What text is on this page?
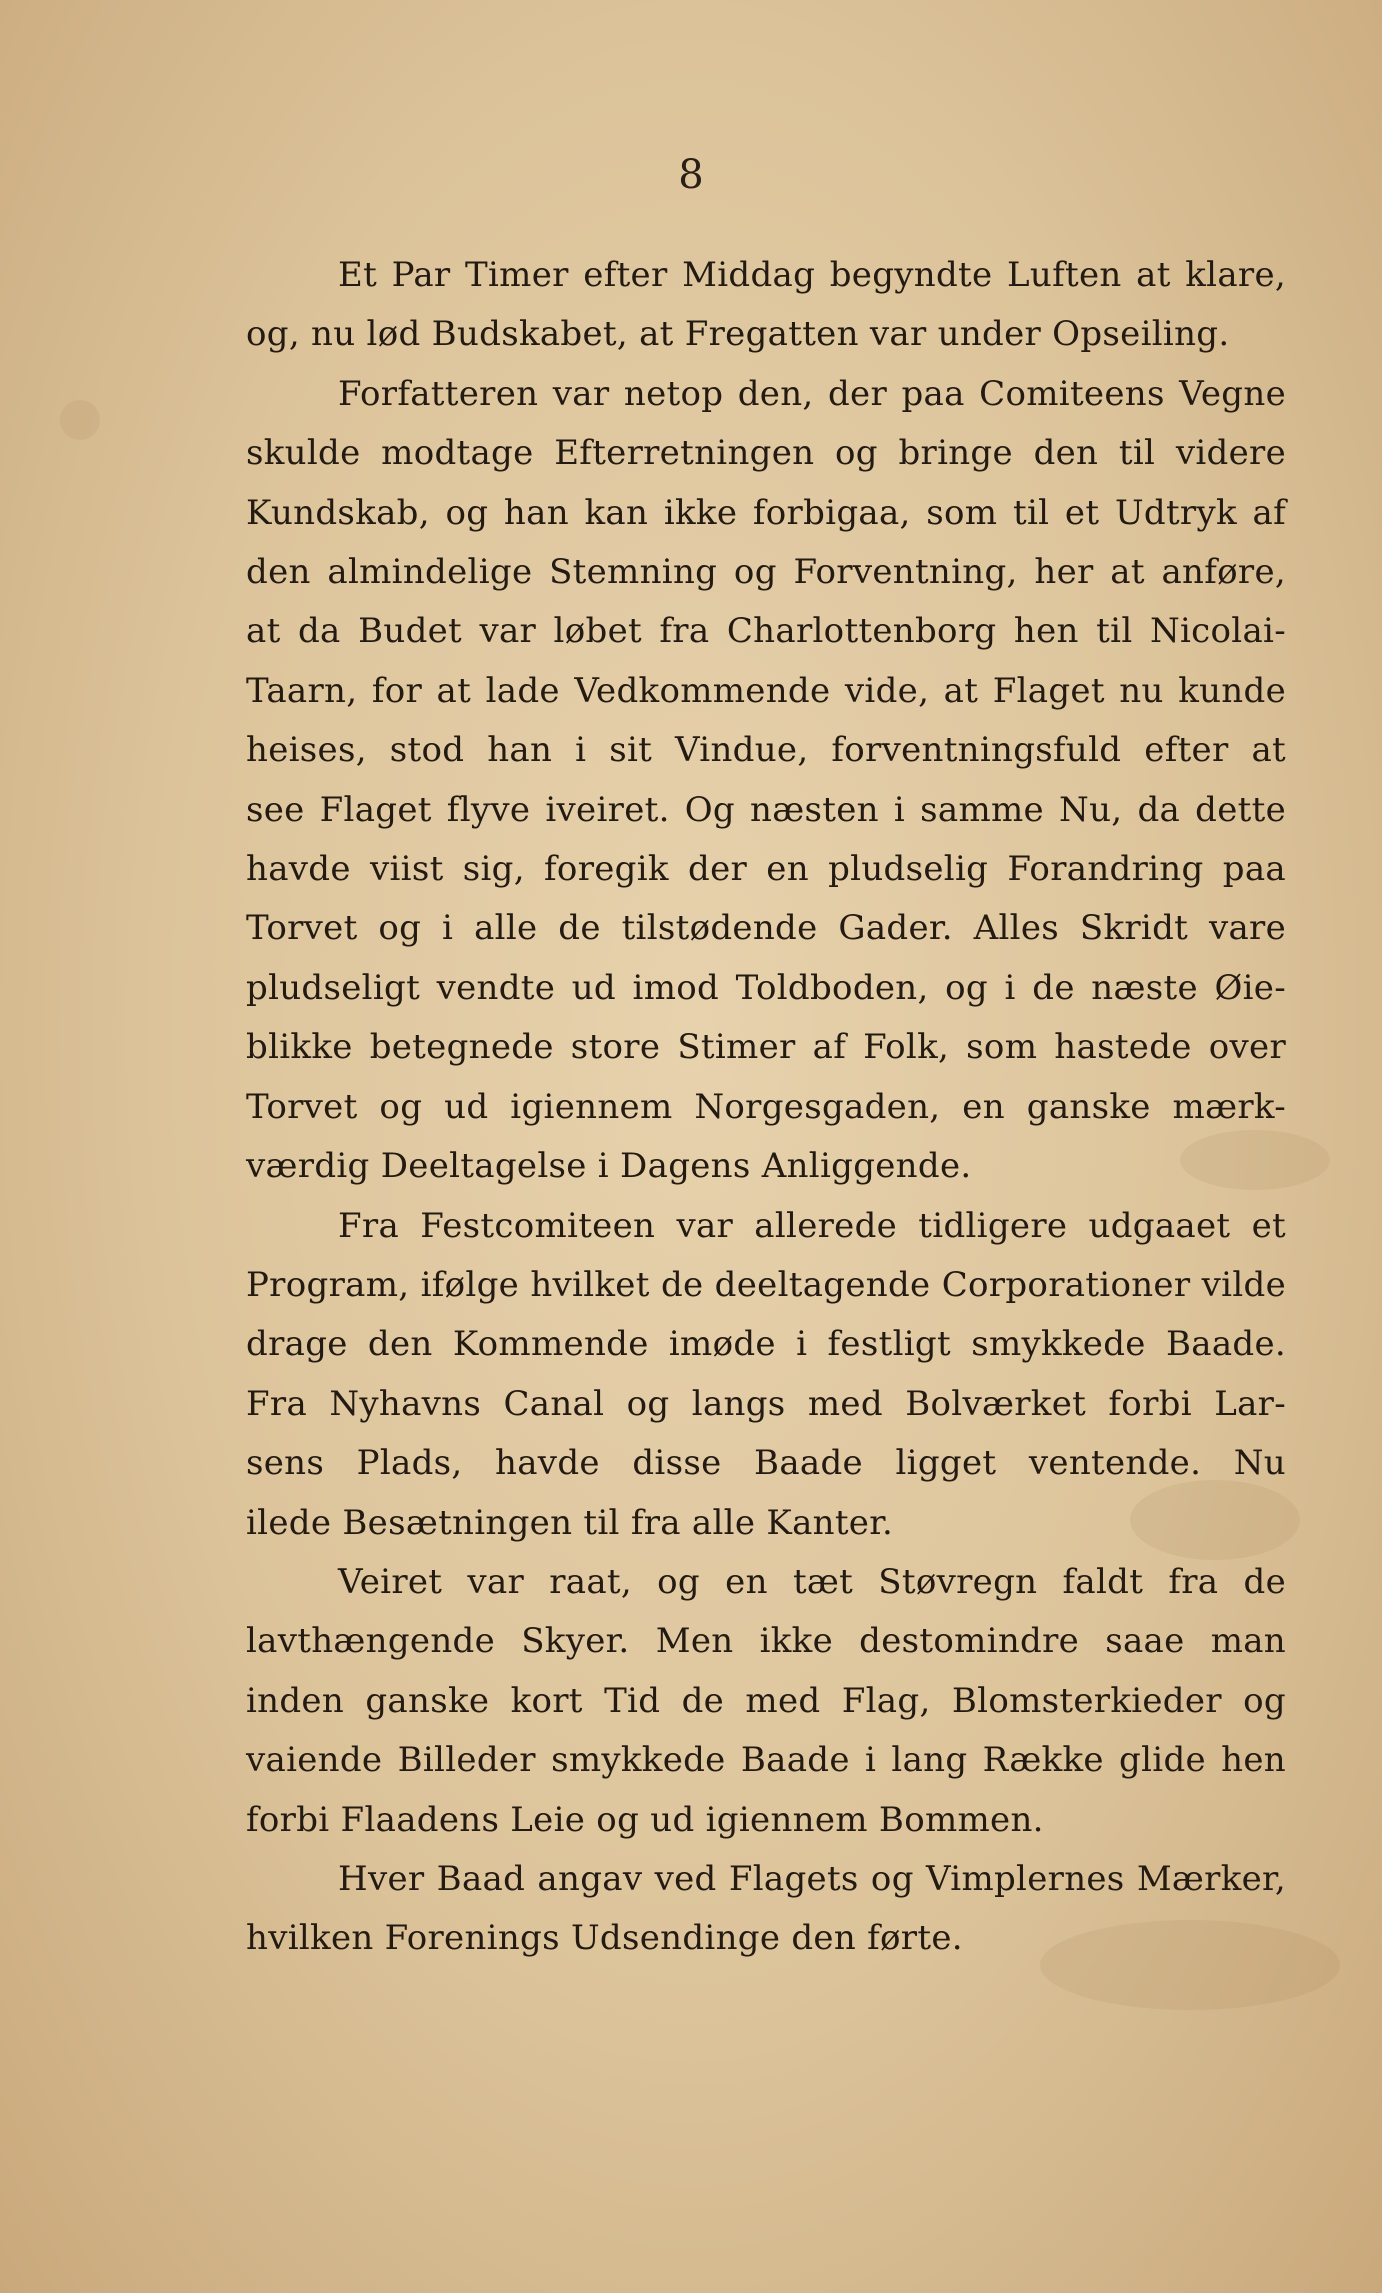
8
Et Par Timer efter Middag begyndte Luften at klare,
og, nu lød Budskabet, at Fregatten var under Opseiling.
Forfatteren var netop den, der paa Comiteens Vegne
skulde modtage Efterretningen og bringe den til videre
Kundskab, og han kan ikke forbigaa, som til et Udtryk af
den almindelige Stemning og Forventning, her at anføre,
at da Budet var løbet fra Charlottenborg hen til Nicolai-
Taarn, for at lade Vedkommende vide, at Flaget nu kunde
heises, stod han i sit Vindue, forventningsfuld efter at
see Flaget flyve iveiret. Og næsten i samme Nu, da dette
havde viist sig, foregik der en pludselig Forandring paa
Torvet og i alle de tilstødende Gader. Alles Skridt vare
pludseligt vendte ud imod Toldboden, og i de næste Øie-
blikke betegnede store Stimer af Folk, som hastede over
Torvet og ud igiennem Norgesgaden, en ganske mærk-
værdig Deeltagelse i Dagens Anliggende.
Fra Festcomiteen var allerede tidligere udgaaet et
Program, ifølge hvilket de deeltagende Corporationer vilde
drage den Kommende imøde i festligt smykkede Baade.
Fra Nyhavns Canal og langs med Bolværket forbi Lar-
sens Plads, havde disse Baade ligget ventende. Nu
ilede Besætningen til fra alle Kanter.
Veiret var raat, og en tæt Støvregn faldt fra de
lavthængende Skyer. Men ikke destomindre saae man
inden ganske kort Tid de med Flag, Blomsterkieder og
vaiende Billeder smykkede Baade i lang Række glide hen
forbi Flaadens Leie og ud igiennem Bommen.
Hver Baad angav ved Flagets og Vimplernes Mærker,
hvilken Forenings Udsendinge den førte.
